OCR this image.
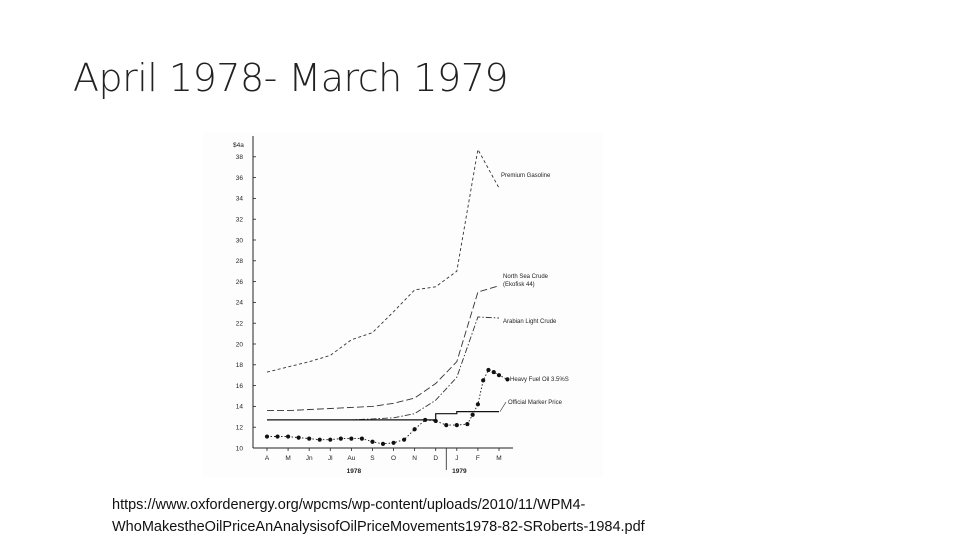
April 1978- March 1979
$4a
10
12
14
16
18
20
22
24
26
28
30
32
34
36
38
A M Jn Jl Au S	O N	D	J	F	M
1978	1979
Premium Gasoline
North Sea Crude
(Ekofisk 44)
Arabian Light Crude
Heavy Fuel Oil 3.5%S
Official Marker Price
https://www.oxfordenergy.org/wpcms/wp-content/uploads/2010/11/WPM4-
WhoMakestheOilPriceAnAnalysisofOilPriceMovements1978-82-SRoberts-1984.pdf
